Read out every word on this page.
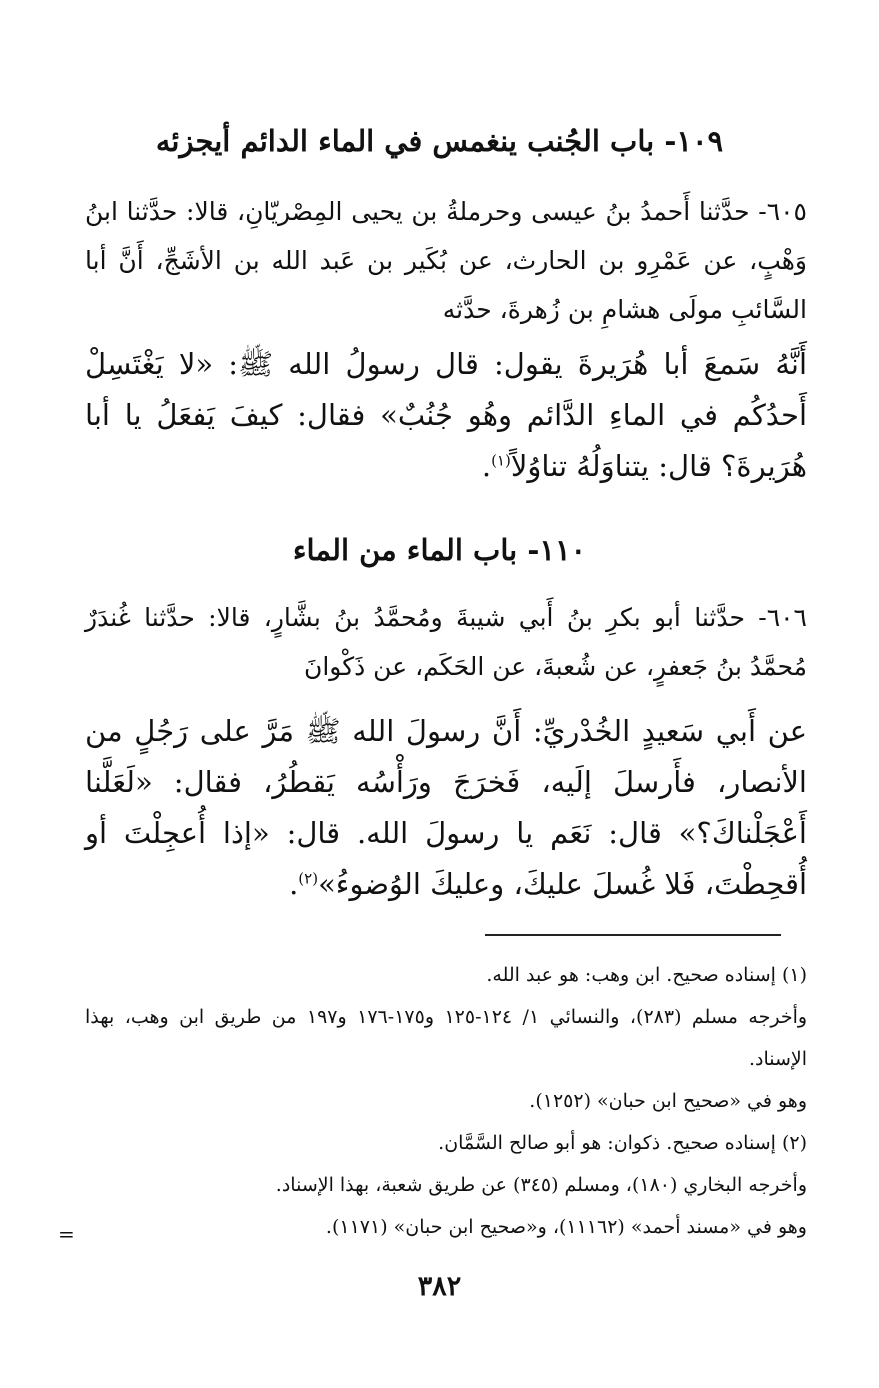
١٠٩- باب الجُنب ينغمس في الماء الدائم أيجزئه
٦٠٥- حدَّثنا أَحمدُ بنُ عيسى وحرملةُ بن يحيى المِصْريّانِ، قالا: حدَّثنا ابنُ وَهْبٍ، عن عَمْرِو بن الحارث، عن بُكَير بن عَبد الله بن الأشَجِّ، أَنَّ أبا السَّائبِ مولَى هشامِ بن زُهرةَ، حدَّثه
أَنَّهُ سَمعَ أبا هُرَيرةَ يقول: قال رسولُ الله ﷺ: «لا يَغْتَسِلْ أَحدُكُم في الماءِ الدَّائم وهُو جُنُبٌ» فقال: كيفَ يَفعَلُ يا أبا هُرَيرةَ؟ قال: يتناوَلُهُ تناوُلاً$^{(١)}$.
١١٠- باب الماء من الماء
٦٠٦- حدَّثنا أبو بكرِ بنُ أَبي شيبةَ ومُحمَّدُ بنُ بشَّارٍ، قالا: حدَّثنا غُندَرٌ مُحمَّدُ بنُ جَعفرٍ، عن شُعبةَ، عن الحَكَم، عن ذَكْوانَ
عن أَبي سَعيدٍ الخُدْريِّ: أَنَّ رسولَ الله ﷺ مَرَّ على رَجُلٍ من الأنصار، فأَرسلَ إلَيه، فَخرَجَ ورَأْسُه يَقطُرُ، فقال: «لَعَلَّنا أَعْجَلْناكَ؟» قال: نَعَم يا رسولَ الله. قال: «إذا أُعجِلْتَ أو أُقحِطْتَ، فَلا غُسلَ عليكَ، وعليكَ الوُضوءُ»$^{(٢)}$.

(١) إسناده صحيح. ابن وهب: هو عبد الله.

وأخرجه مسلم (٢٨٣)، والنسائي ١/ ١٢٤-١٢٥ و١٧٥-١٧٦ و١٩٧ من طريق ابن وهب، بهذا الإسناد.

وهو في «صحيح ابن حبان» (١٢٥٢).

(٢) إسناده صحيح. ذكوان: هو أبو صالح السَّمَّان.

وأخرجه البخاري (١٨٠)، ومسلم (٣٤٥) عن طريق شعبة، بهذا الإسناد.

وهو في «مسند أحمد» (١١١٦٢)، و«صحيح ابن حبان» (١١٧١).

=
٣٨٢
